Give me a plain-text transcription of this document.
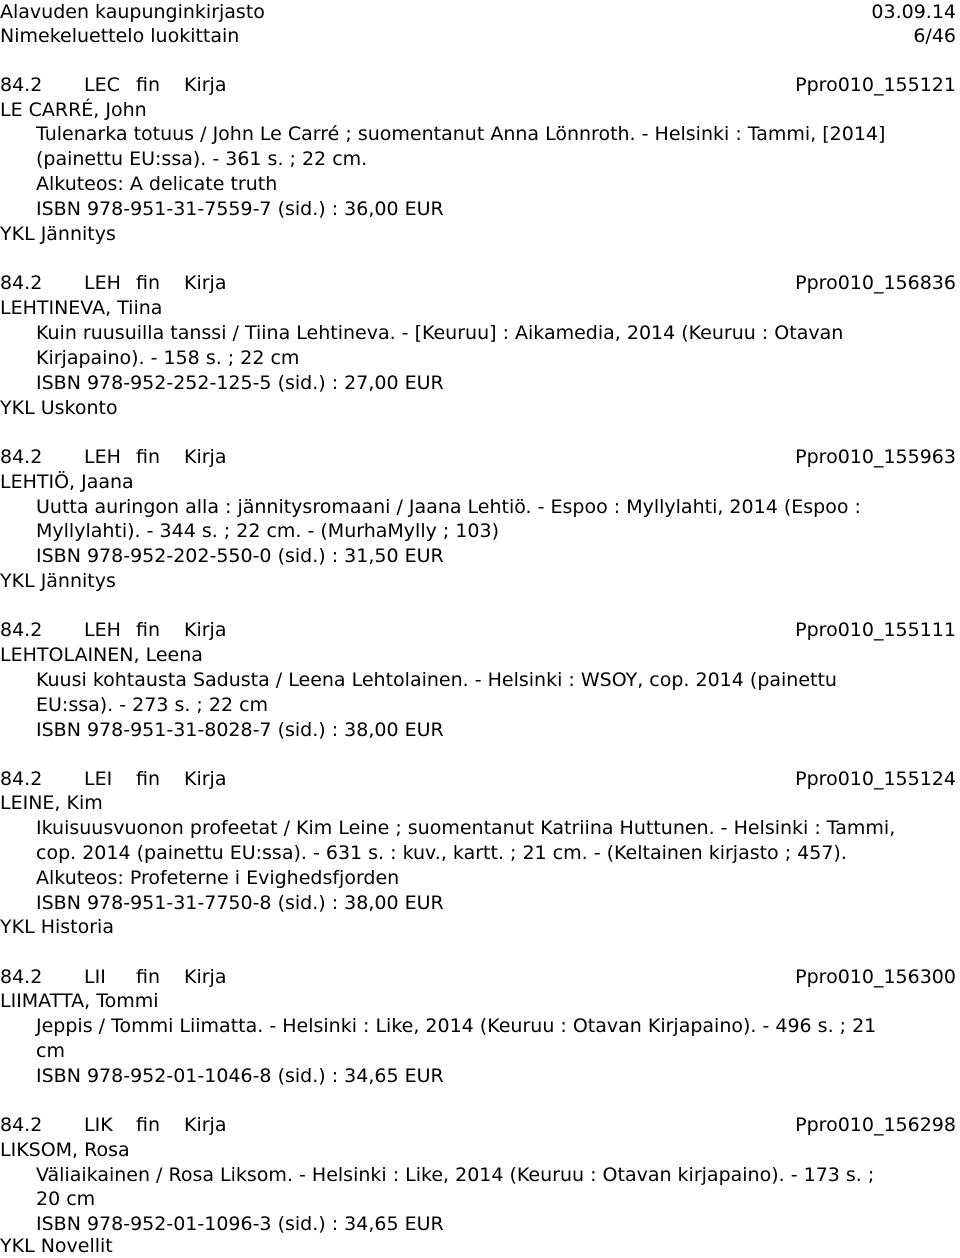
Alavuden kaupunginkirjasto	03.09.14
Nimekeluettelo luokittain	6/46
84.2 LEC fin Kirja	Ppro010_155121
LE CARRÉ, John
Tulenarka totuus / John Le Carré ; suomentanut Anna Lönnroth. - Helsinki : Tammi, [2014]
(painettu EU:ssa). - 361 s. ; 22 cm.
Alkuteos: A delicate truth
ISBN 978-951-31-7559-7 (sid.) : 36,00 EUR
YKL Jännitys
84.2 LEH fin Kirja	Ppro010_156836
LEHTINEVA, Tiina
Kuin ruusuilla tanssi / Tiina Lehtineva. - [Keuruu] : Aikamedia, 2014 (Keuruu : Otavan
Kirjapaino). - 158 s. ; 22 cm
ISBN 978-952-252-125-5 (sid.) : 27,00 EUR
YKL Uskonto
84.2 LEH fin Kirja	Ppro010_155963
LEHTIÖ, Jaana
Uutta auringon alla : jännitysromaani / Jaana Lehtiö. - Espoo : Myllylahti, 2014 (Espoo :
Myllylahti). - 344 s. ; 22 cm. - (MurhaMylly ; 103)
ISBN 978-952-202-550-0 (sid.) : 31,50 EUR
YKL Jännitys
84.2 LEH fin Kirja	Ppro010_155111
LEHTOLAINEN, Leena
Kuusi kohtausta Sadusta / Leena Lehtolainen. - Helsinki : WSOY, cop. 2014 (painettu
EU:ssa). - 273 s. ; 22 cm
ISBN 978-951-31-8028-7 (sid.) : 38,00 EUR
84.2 LEI fin Kirja	Ppro010_155124
LEINE, Kim
Ikuisuusvuonon profeetat / Kim Leine ; suomentanut Katriina Huttunen. - Helsinki : Tammi,
cop. 2014 (painettu EU:ssa). - 631 s. : kuv., kartt. ; 21 cm. - (Keltainen kirjasto ; 457).
Alkuteos: Profeterne i Evighedsfjorden
ISBN 978-951-31-7750-8 (sid.) : 38,00 EUR
YKL Historia
84.2 LII fin Kirja	Ppro010_156300
LIIMATTA, Tommi
Jeppis / Tommi Liimatta. - Helsinki : Like, 2014 (Keuruu : Otavan Kirjapaino). - 496 s. ; 21
cm
ISBN 978-952-01-1046-8 (sid.) : 34,65 EUR
84.2 LIK fin Kirja	Ppro010_156298
LIKSOM, Rosa
Väliaikainen / Rosa Liksom. - Helsinki : Like, 2014 (Keuruu : Otavan kirjapaino). - 173 s. ;
20 cm
ISBN 978-952-01-1096-3 (sid.) : 34,65 EUR
YKL Novellit
